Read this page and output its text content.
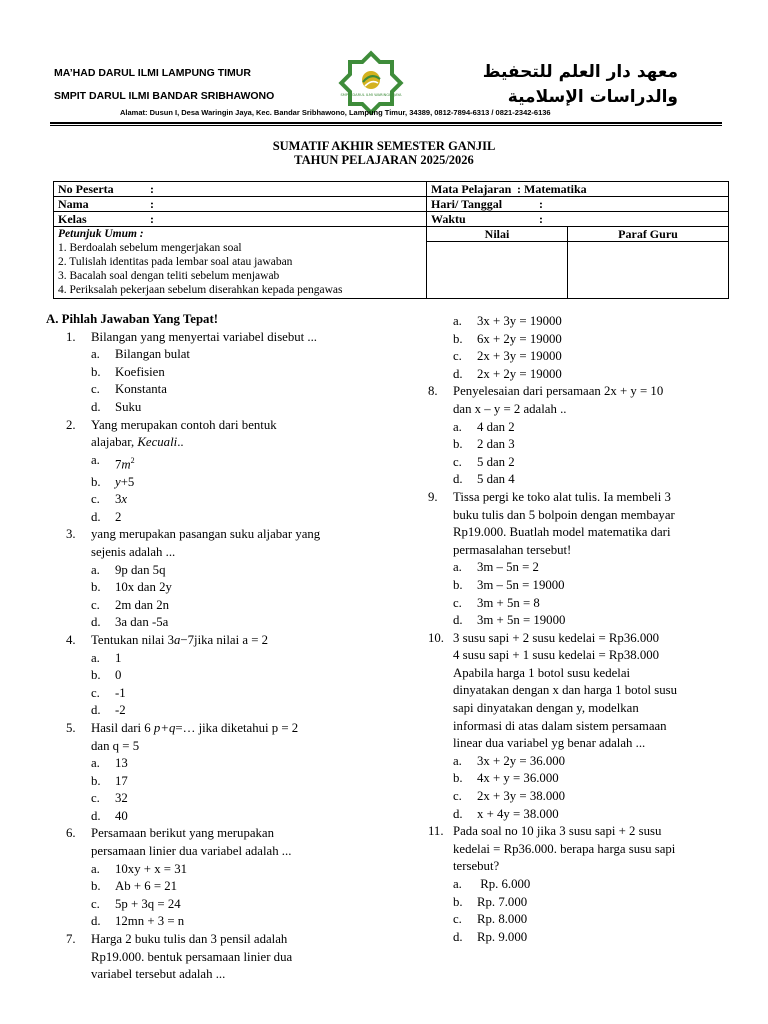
MA’HAD DARUL ILMI LAMPUNG TIMUR
SMPIT DARUL ILMI BANDAR SRIBHAWONO	SMPIT DARUL ILMI WARINGIN JAYA
معهد دار العلم للتحفيظ
والدراسات الإسلامية
Alamat: Dusun I, Desa Waringin Jaya, Kec. Bandar Sribhawono, Lampung Timur, 34389, 0812-7894-6313 / 0821-2342-6136
SUMATIF AKHIR SEMESTER GANJIL
TAHUN PELAJARAN 2025/2026
No Peserta :	Mata Pelajaran : Matematika	
Nama :	Hari/ Tanggal :	
Kelas :	Waktu :	

Petunjuk Umum :
1. Berdoalah sebelum mengerjakan soal
2. Tulislah identitas pada lembar soal atau jawaban
3. Bacalah soal dengan teliti sebelum menjawab
4. Periksalah pekerjaan sebelum diserahkan kepada pengawas	Nilai	Paraf Guru

A. Pihlah Jawaban Yang Tepat!
1.	Bilangan yang menyertai variabel disebut ...
a.	Bilangan bulat
b.	Koefisien
c.	Konstanta
d.	Suku
2.	Yang merupakan contoh dari bentuk
alajabar, Kecuali..
a.	$7m^2$
b.	y+5
c.	3x
d.	2
3.	yang merupakan pasangan suku aljabar yang
sejenis adalah ...
a.	9p dan 5q
b.	10x dan 2y
c.	2m dan 2n
d.	3a dan -5a
4.	Tentukan nilai 3a−7jika nilai a = 2
a.	1
b.	0
c.	-1
d.	-2
5.	Hasil dari 6 p+q=… jika diketahui p = 2
dan q = 5
a.	13
b.	17
c.	32
d.	40
6.	Persamaan berikut yang merupakan
persamaan linier dua variabel adalah ...
a.	10xy + x = 31
b.	Ab + 6 = 21
c.	5p + 3q = 24
d.	12mn + 3 = n
7.	Harga 2 buku tulis dan 3 pensil adalah
Rp19.000. bentuk persamaan linier dua
variabel tersebut adalah ...
a.	3x + 3y = 19000
b.	6x + 2y = 19000
c.	2x + 3y = 19000
d.	2x + 2y = 19000
8.	Penyelesaian dari persamaan 2x + y = 10
dan x – y = 2 adalah ..
a.	4 dan 2
b.	2 dan 3
c.	5 dan 2
d.	5 dan 4
9.	Tissa pergi ke toko alat tulis. Ia membeli 3
buku tulis dan 5 bolpoin dengan membayar
Rp19.000. Buatlah model matematika dari
permasalahan tersebut!
a.	3m – 5n = 2
b.	3m – 5n = 19000
c.	3m + 5n = 8
d.	3m + 5n = 19000
10. 3 susu sapi + 2 susu kedelai = Rp36.000
4 susu sapi + 1 susu kedelai = Rp38.000
Apabila harga 1 botol susu kedelai
dinyatakan dengan x dan harga 1 botol susu
sapi dinyatakan dengan y, modelkan
informasi di atas dalam sistem persamaan
linear dua variabel yg benar adalah ...
a.	3x + 2y = 36.000
b.	4x + y = 36.000
c.	2x + 3y = 38.000
d.	x + 4y = 38.000
11. Pada soal no 10 jika 3 susu sapi + 2 susu
kedelai = Rp36.000. berapa harga susu sapi
tersebut?
a.	Rp. 6.000
b.	Rp. 7.000
c.	Rp. 8.000
d.	Rp. 9.000
